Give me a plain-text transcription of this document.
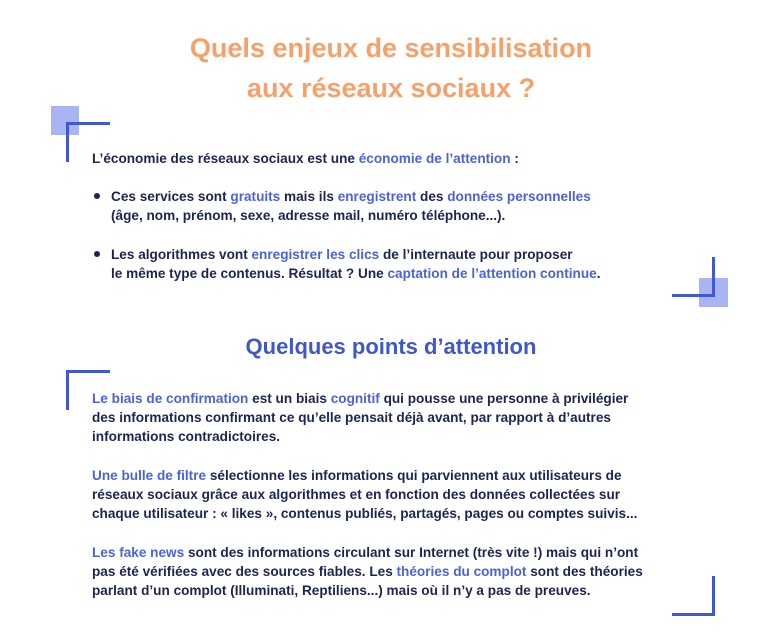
Quels enjeux de sensibilisation
aux réseaux sociaux ?
L’économie des réseaux sociaux est une économie de l’attention :
Ces services sont gratuits mais ils enregistrent des données personnelles
(âge, nom, prénom, sexe, adresse mail, numéro téléphone...).
Les algorithmes vont enregistrer les clics de l’internaute pour proposer
le même type de contenus. Résultat ? Une captation de l’attention continue.
Quelques points d’attention
Le biais de confirmation est un biais cognitif qui pousse une personne à privilégier
des informations confirmant ce qu’elle pensait déjà avant, par rapport à d’autres
informations contradictoires.
Une bulle de filtre sélectionne les informations qui parviennent aux utilisateurs de
réseaux sociaux grâce aux algorithmes et en fonction des données collectées sur
chaque utilisateur : « likes », contenus publiés, partagés, pages ou comptes suivis...
Les fake news sont des informations circulant sur Internet (très vite !) mais qui n’ont
pas été vérifiées avec des sources fiables. Les théories du complot sont des théories
parlant d’un complot (Illuminati, Reptiliens...) mais où il n’y a pas de preuves.
